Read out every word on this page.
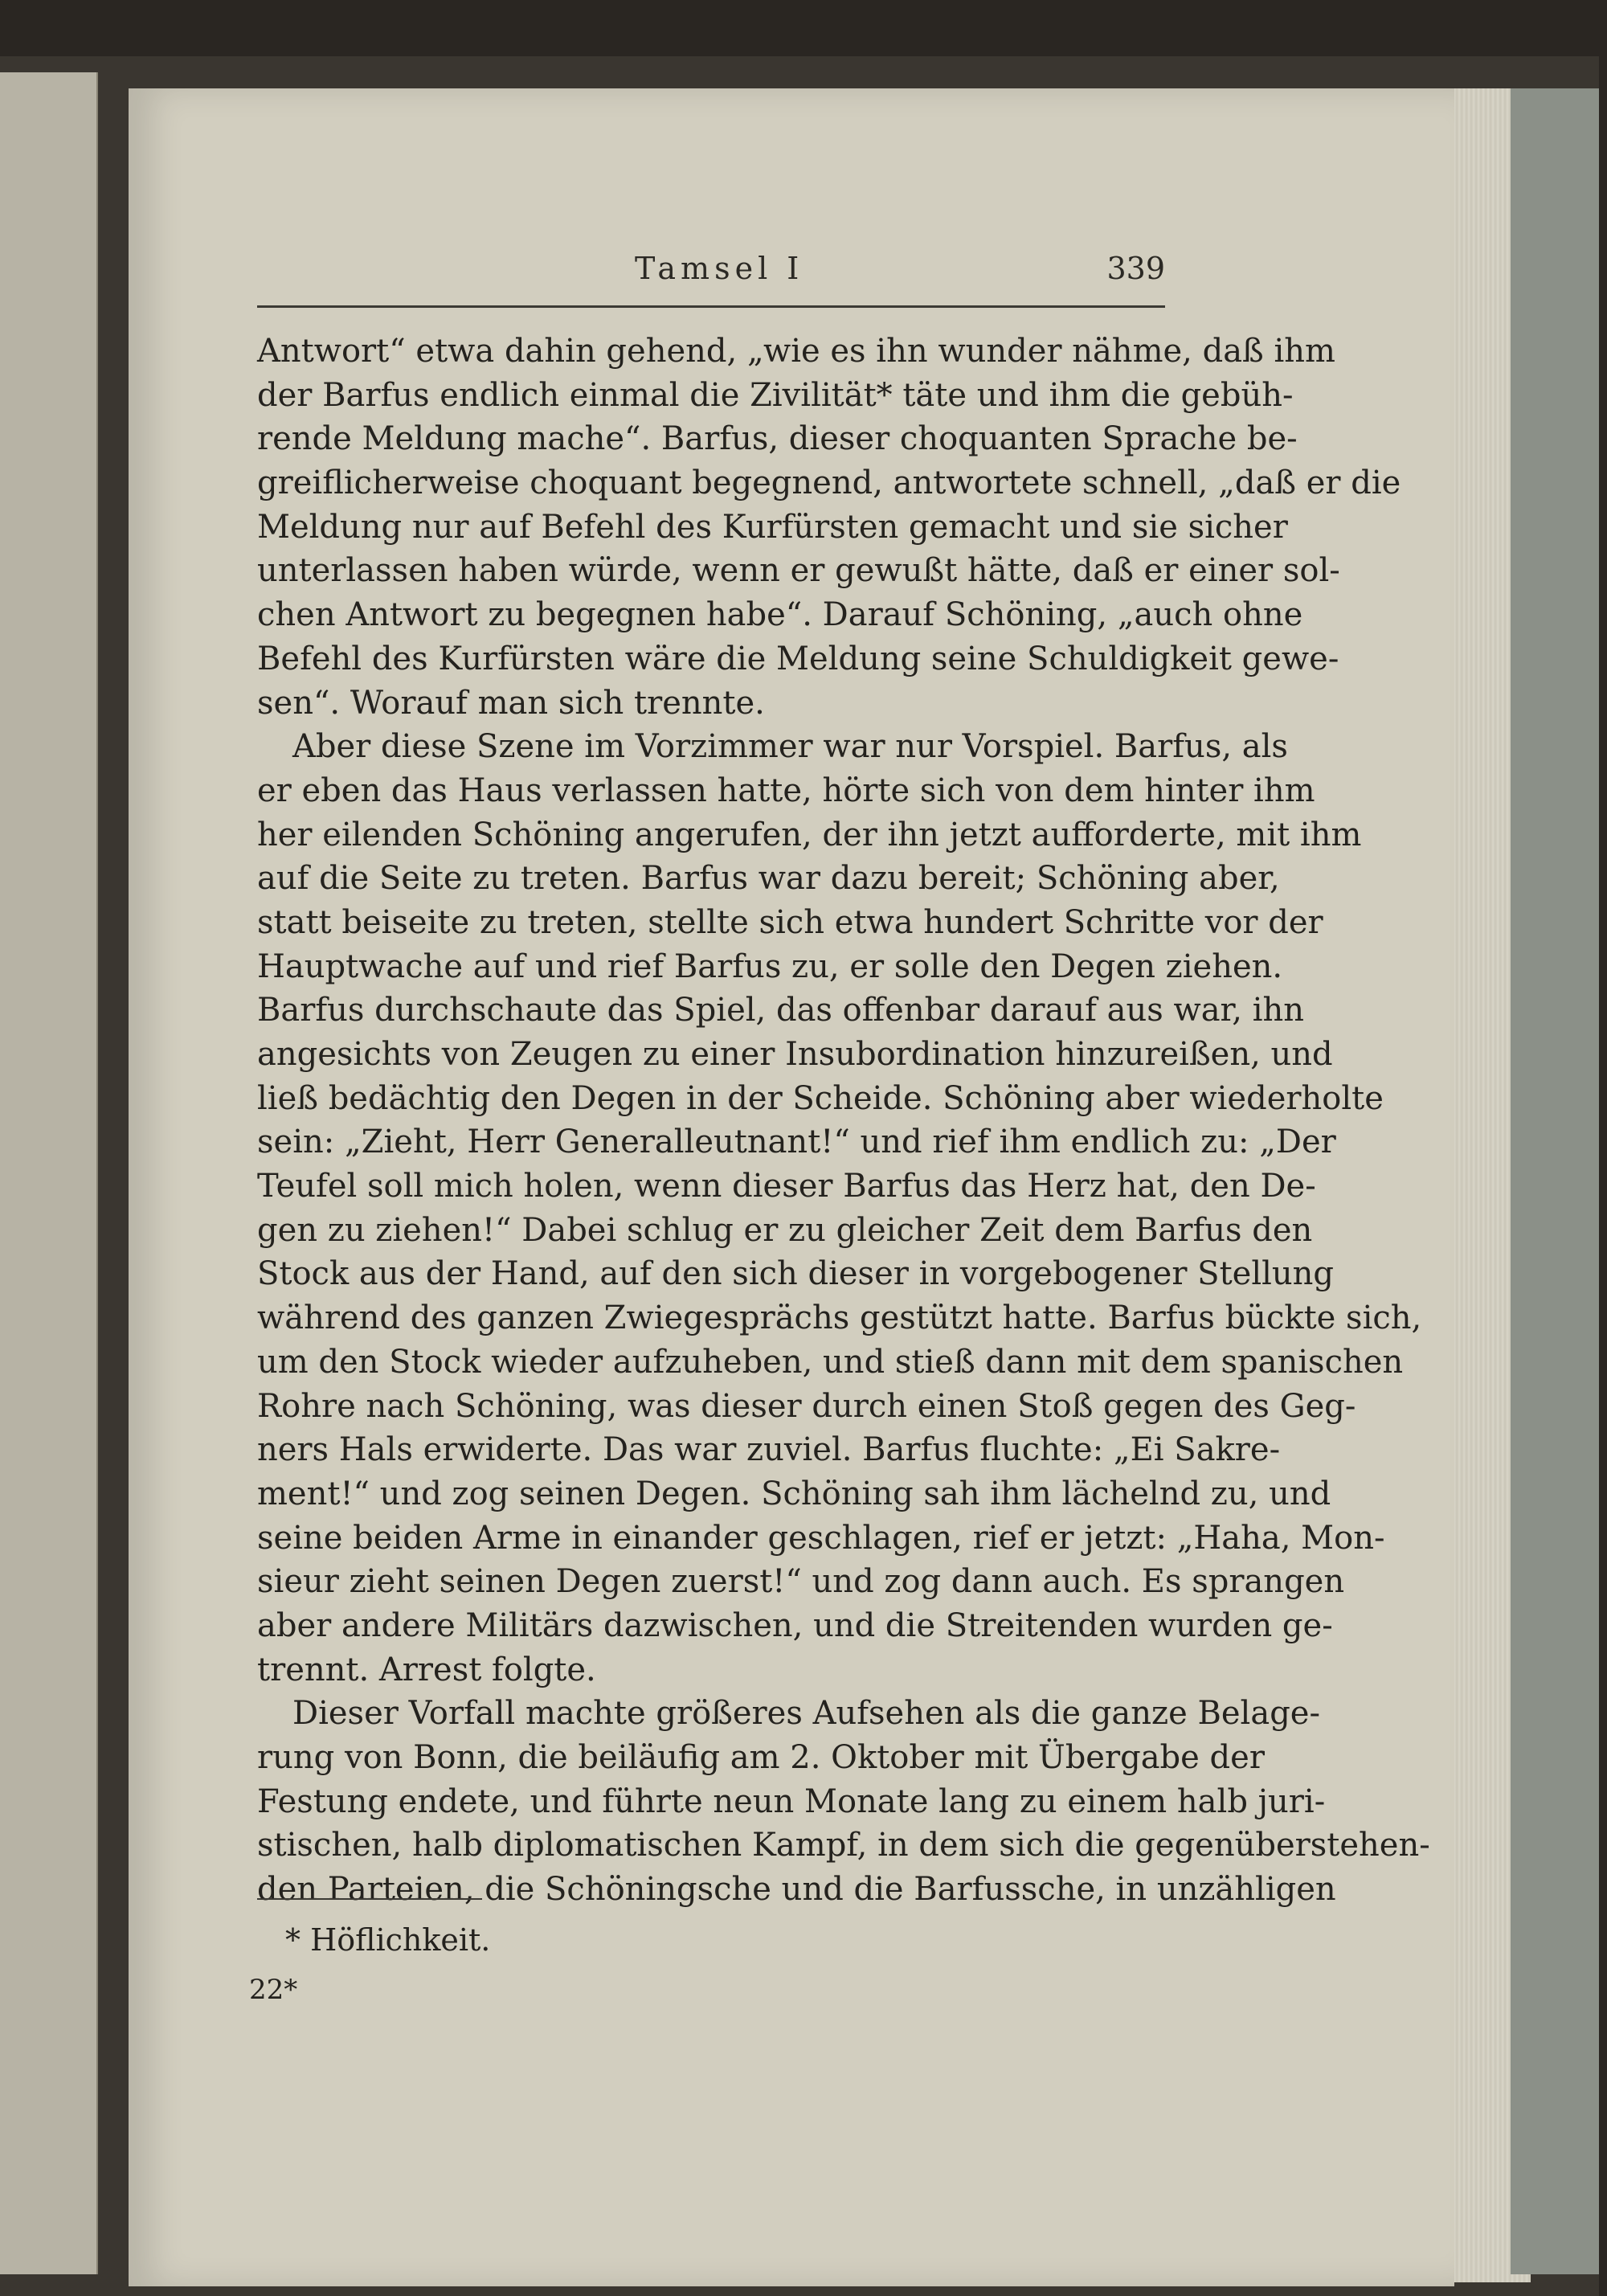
Tamsel I	339
Antwort“ etwa dahin gehend, „wie es ihn wunder nähme, daß ihm
der Barfus endlich einmal die Zivilität* täte und ihm die gebüh-
rende Meldung mache“. Barfus, dieser choquanten Sprache be-
greiflicherweise choquant begegnend, antwortete schnell, „daß er die
Meldung nur auf Befehl des Kurfürsten gemacht und sie sicher
unterlassen haben würde, wenn er gewußt hätte, daß er einer sol-
chen Antwort zu begegnen habe“. Darauf Schöning, „auch ohne
Befehl des Kurfürsten wäre die Meldung seine Schuldigkeit gewe-
sen“. Worauf man sich trennte.
Aber diese Szene im Vorzimmer war nur Vorspiel. Barfus, als
er eben das Haus verlassen hatte, hörte sich von dem hinter ihm
her eilenden Schöning angerufen, der ihn jetzt aufforderte, mit ihm
auf die Seite zu treten. Barfus war dazu bereit; Schöning aber,
statt beiseite zu treten, stellte sich etwa hundert Schritte vor der
Hauptwache auf und rief Barfus zu, er solle den Degen ziehen.
Barfus durchschaute das Spiel, das offenbar darauf aus war, ihn
angesichts von Zeugen zu einer Insubordination hinzureißen, und
ließ bedächtig den Degen in der Scheide. Schöning aber wiederholte
sein: „Zieht, Herr Generalleutnant!“ und rief ihm endlich zu: „Der
Teufel soll mich holen, wenn dieser Barfus das Herz hat, den De-
gen zu ziehen!“ Dabei schlug er zu gleicher Zeit dem Barfus den
Stock aus der Hand, auf den sich dieser in vorgebogener Stellung
während des ganzen Zwiegesprächs gestützt hatte. Barfus bückte sich,
um den Stock wieder aufzuheben, und stieß dann mit dem spanischen
Rohre nach Schöning, was dieser durch einen Stoß gegen des Geg-
ners Hals erwiderte. Das war zuviel. Barfus fluchte: „Ei Sakre-
ment!“ und zog seinen Degen. Schöning sah ihm lächelnd zu, und
seine beiden Arme in einander geschlagen, rief er jetzt: „Haha, Mon-
sieur zieht seinen Degen zuerst!“ und zog dann auch. Es sprangen
aber andere Militärs dazwischen, und die Streitenden wurden ge-
trennt. Arrest folgte.
Dieser Vorfall machte größeres Aufsehen als die ganze Belage-
rung von Bonn, die beiläufig am 2. Oktober mit Übergabe der
Festung endete, und führte neun Monate lang zu einem halb juri-
stischen, halb diplomatischen Kampf, in dem sich die gegenüberstehen-
den Parteien, die Schöningsche und die Barfussche, in unzähligen
* Höflichkeit.
22*
